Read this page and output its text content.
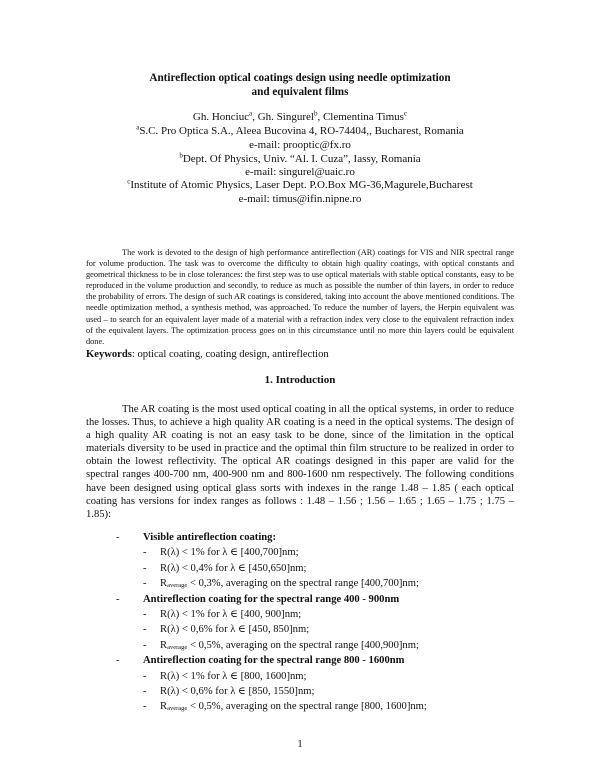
Antireflection optical coatings design using needle optimization
and equivalent films
Gh. Honciuc$^a$, Gh. Singurel$^b$, Clementina Timus$^c$
$^a$S.C. Pro Optica S.A., Aleea Bucovina 4, RO-74404,, Bucharest, Romania
e-mail: prooptic@fx.ro
$^b$Dept. Of Physics, Univ. “Al. I. Cuza”, Iassy, Romania
e-mail: singurel@uaic.ro
$^c$Institute of Atomic Physics, Laser Dept. P.O.Box MG-36,Magurele,Bucharest
e-mail: timus@ifin.nipne.ro

The work is devoted to the design of high performance antireflection (AR) coatings for VIS and NIR spectral range for volume production. The task was to overcome the difficulty to obtain high quality coatings, with optical constants and geometrical thickness to be in close tolerances: the first step was to use optical materials with stable optical constants, easy to be reproduced in the volume production and secondly, to reduce as much as possible the number of thin layers, in order to reduce the probability of errors. The design of such AR coatings is considered, taking into account the above mentioned conditions. The needle optimization method, a synthesis method, was approached. To reduce the number of layers, the Herpin equivalent was used – to search for an equivalent layer made of a material with a refraction index very close to the equivalent refraction index of the equivalent layers. The optimization process goes on in this circumstance until no more thin layers could be equivalent done.

Keywords: optical coating, coating design, antireflection
1. Introduction

The AR coating is the most used optical coating in all the optical systems, in order to reduce the losses. Thus, to achieve a high quality AR coating is a need in the optical systems. The design of a high quality AR coating is not an easy task to be done, since of the limitation in the optical materials diversity to be used in practice and the optimal thin film structure to be realized in order to obtain the lowest reflectivity. The optical AR coatings designed in this paper are valid for the spectral ranges 400-700 nm, 400-900 nm and 800-1600 nm respectively. The following conditions have been designed using optical glass sorts with indexes in the range 1.48 – 1.85 ( each optical coating has versions for index ranges as follows : 1.48 – 1.56 ; 1.56 – 1.65 ; 1.65 – 1.75 ; 1.75 – 1.85):

- Visible antireflection coating:
- R(λ) < 1% for λ ∈ [400,700]nm;
- R(λ) < 0,4% for λ ∈ [450,650]nm;
- $R_{average} < 0,3\%$, averaging on the spectral range [400,700]nm;
- Antireflection coating for the spectral range 400 - 900nm
- R(λ) < 1% for λ ∈ [400, 900]nm;
- R(λ) < 0,6% for λ ∈ [450, 850]nm;
- $R_{average} < 0,5\%$, averaging on the spectral range [400,900]nm;
- Antireflection coating for the spectral range 800 - 1600nm
- R(λ) < 1% for λ ∈ [800, 1600]nm;
- R(λ) < 0,6% for λ ∈ [850, 1550]nm;
- $R_{average} < 0,5\%$, averaging on the spectral range [800, 1600]nm;
1
